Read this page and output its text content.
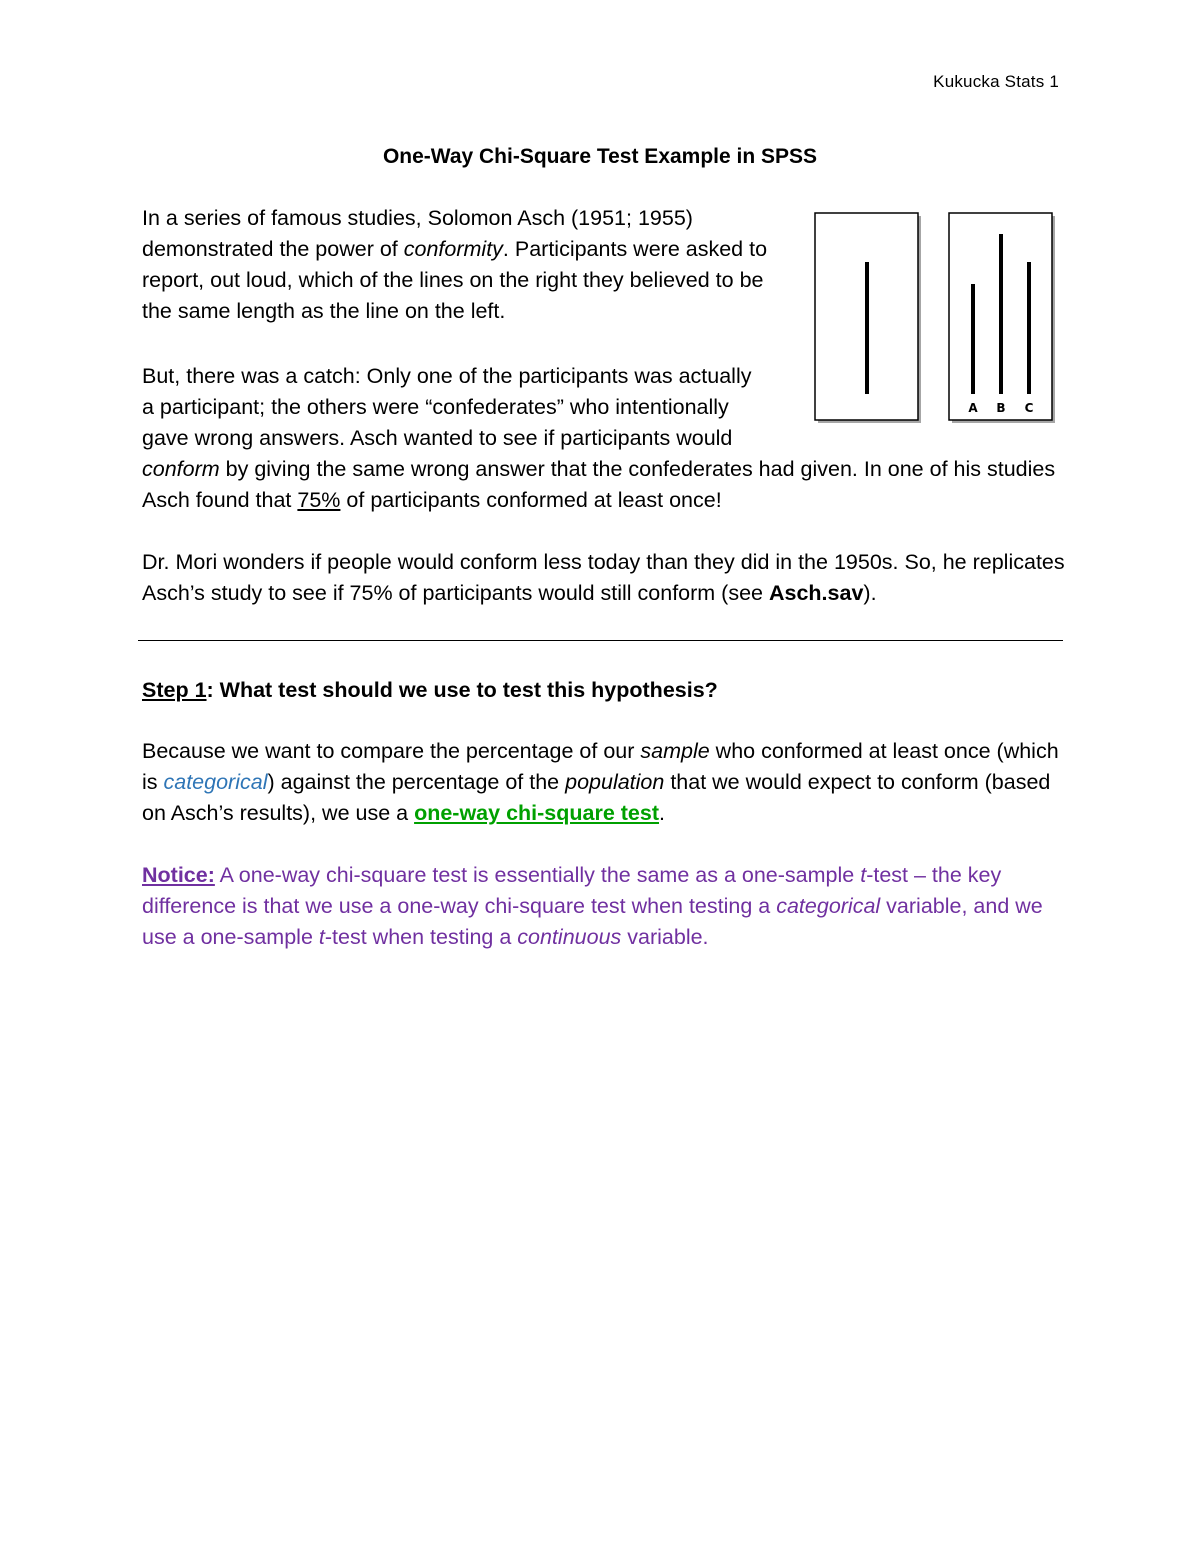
Kukucka Stats 1
One-Way Chi-Square Test Example in SPSS

In a series of famous studies, Solomon Asch (1951; 1955) demonstrated the power of conformity. Participants were asked to report, out loud, which of the lines on the right they believed to be the same length as the line on the left.

But, there was a catch: Only one of the participants was actually a participant; the others were “confederates” who intentionally gave wrong answers. Asch wanted to see if participants would

conform by giving the same wrong answer that the confederates had given. In one of his studies Asch found that 75% of participants conformed at least once!

Dr. Mori wonders if people would conform less today than they did in the 1950s. So, he replicates Asch’s study to see if 75% of participants would still conform (see Asch.sav).

Step 1: What test should we use to test this hypothesis?

Because we want to compare the percentage of our sample who conformed at least once (which is categorical) against the percentage of the population that we would expect to conform (based on Asch’s results), we use a one-way chi-square test.

Notice: A one-way chi-square test is essentially the same as a one-sample t-test – the key difference is that we use a one-way chi-square test when testing a categorical variable, and we use a one-sample t-test when testing a continuous variable.

A B C
